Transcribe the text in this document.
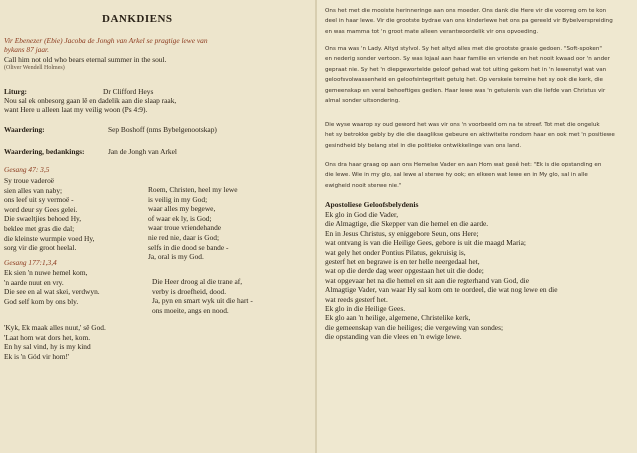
DANKDIENS
Vir Ebenezer (Ebie) Jacoba de Jongh van Arkel se pragtige lewe van
bykans 87 jaar.
Call him not old who bears eternal summer in the soul.
(Oliver Wendell Holmes)
Liturg:	Dr Clifford Heys
Nou sal ek onbesorg gaan lê en dadelik aan die slaap raak,
want Here u alleen laat my veilig woon (Ps 4:9).
Waardering:	Sep Boshoff (nms Bybelgenootskap)
Waardering, bedankings:	Jan de Jongh van Arkel
Gesang 47: 3,5
Sy troue vaderoë
sien alles van naby;
ons leef uit sy vermoë -
word deur sy Gees gelei.
Die swaeltjies behoed Hy,
beklee met gras die dal;
die kleinste wurmpie voed Hy,
sorg vir die groot heelal.
Roem, Christen, heel my lewe
is veilig in my God;
waar alles my begewe,
of waar ek ly, is God;
waar troue vriendehande
nie red nie, daar is God;
selfs in die dood se bande -
Ja, oral is my God.
Gesang 177:1,3,4
Ek sien 'n nuwe hemel kom,
'n aarde nuut en vry.
Die see en al wat skei, verdwyn.
God self kom by ons bly.
Die Heer droog al die trane af,
verby is droefheid, dood.
Ja, pyn en smart wyk uit die hart -
ons moeite, angs en nood.
'Kyk, Ek maak alles nuut,' sê God.
'Laat hom wat dors het, kom.
En hy sal vind, hy is my kind
Ek is 'n Gód vir hom!'
Ons het met die mooiste herinneringe aan ons moeder. Ons dank die Here vir die voorreg om te kon
deel in haar lewe. Vir die grootste bydrae van ons kinderlewe het ons pa gereeld vir Bybelverspreiding
en was mamma tot 'n groot mate alleen verantwoordelik vir ons opvoeding.
Ons ma was 'n Lady. Altyd stylvol. Sy het altyd alles met die grootste grasie gedoen. "Soft-spoken"
en nederig sonder vertoon. Sy was lojaal aan haar familie en vriende en het nooit kwaad oor 'n ander
gepraat nie. Sy het 'n diepgewortelde geloof gehad wat tot uiting gekom het in 'n lewenstyl wat van
geloofsvolwassenheid en geloofsintegriteit getuig het. Op verskeie terreine het sy ook die kerk, die
gemeenskap en veral behoeftiges gedien. Haar lewe was 'n getuienis van die liefde van Christus vir
almal sonder uitsondering.
Die wyse waarop sy oud geword het was vir ons 'n voorbeeld om na te streef. Tot met die ongeluk
het sy betrokke gebly by die die daaglikse gebeure en aktiwiteite rondom haar en ook met 'n positiewe
gesindheid bly belang stel in die politieke ontwikkelinge van ons land.
Ons dra haar graag op aan ons Hemelse Vader en aan Hom wat gesê het: "Ek is die opstanding en
die lewe. Wie in my glo, sal lewe al sterwe hy ook; en elkeen wat lewe en in My glo, sal in alle
ewigheid nooit sterwe nie."
Apostoliese Geloofsbelydenis
Ek glo in God die Vader,
die Almagtige, die Skepper van die hemel en die aarde.
En in Jesus Christus, sy eniggebore Seun, ons Here;
wat ontvang is van die Heilige Gees, gebore is uit die maagd Maria;
wat gely het onder Pontius Pilatus, gekruisig is,
gesterf het en begrawe is en ter helle neergedaal het,
wat op die derde dag weer opgestaan het uit die dode;
wat opgevaar het na die hemel en sit aan die regterhand van God, die
Almagtige Vader, van waar Hy sal kom om te oordeel, die wat nog lewe en die
wat reeds gesterf het.
Ek glo in die Heilige Gees.
Ek glo aan 'n heilige, algemene, Christelike kerk,
die gemeenskap van die heiliges; die vergewing van sondes;
die opstanding van die vlees en 'n ewige lewe.
